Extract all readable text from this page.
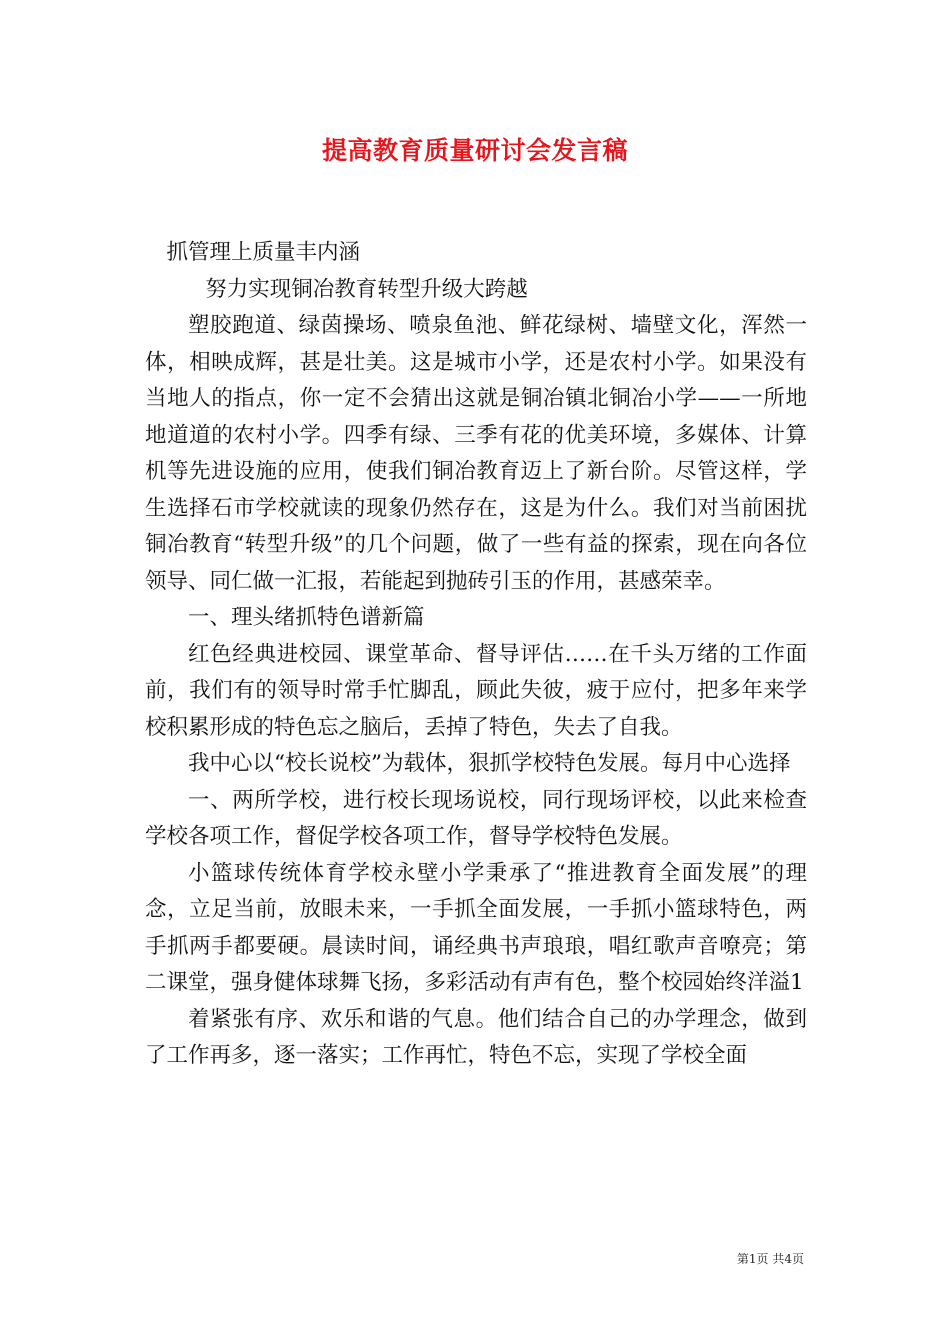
提高教育质量研讨会发言稿

抓管理上质量丰内涵

努力实现铜冶教育转型升级大跨越

塑胶跑道、绿茵操场、喷泉鱼池、鲜花绿树、墙壁文化，浑然一体，相映成辉，甚是壮美。这是城市小学，还是农村小学。如果没有当地人的指点，你一定不会猜出这就是铜冶镇北铜冶小学——一所地地道道的农村小学。四季有绿、三季有花的优美环境，多媒体、计算机等先进设施的应用，使我们铜冶教育迈上了新台阶。尽管这样，学生选择石市学校就读的现象仍然存在，这是为什么。我们对当前困扰铜冶教育“转型升级”的几个问题，做了一些有益的探索，现在向各位领导、同仁做一汇报，若能起到抛砖引玉的作用，甚感荣幸。

一、理头绪抓特色谱新篇

红色经典进校园、课堂革命、督导评估……在千头万绪的工作面前，我们有的领导时常手忙脚乱，顾此失彼，疲于应付，把多年来学校积累形成的特色忘之脑后，丢掉了特色，失去了自我。

我中心以“校长说校”为载体，狠抓学校特色发展。每月中心选择

一、两所学校，进行校长现场说校，同行现场评校，以此来检查学校各项工作，督促学校各项工作，督导学校特色发展。

小篮球传统体育学校永壁小学秉承了“推进教育全面发展”的理念，立足当前，放眼未来，一手抓全面发展，一手抓小篮球特色，两手抓两手都要硬。晨读时间，诵经典书声琅琅，唱红歌声音嘹亮；第二课堂，强身健体球舞飞扬，多彩活动有声有色，整个校园始终洋溢1

着紧张有序、欢乐和谐的气息。他们结合自己的办学理念，做到了工作再多，逐一落实；工作再忙，特色不忘，实现了学校全面

第1页 共4页
